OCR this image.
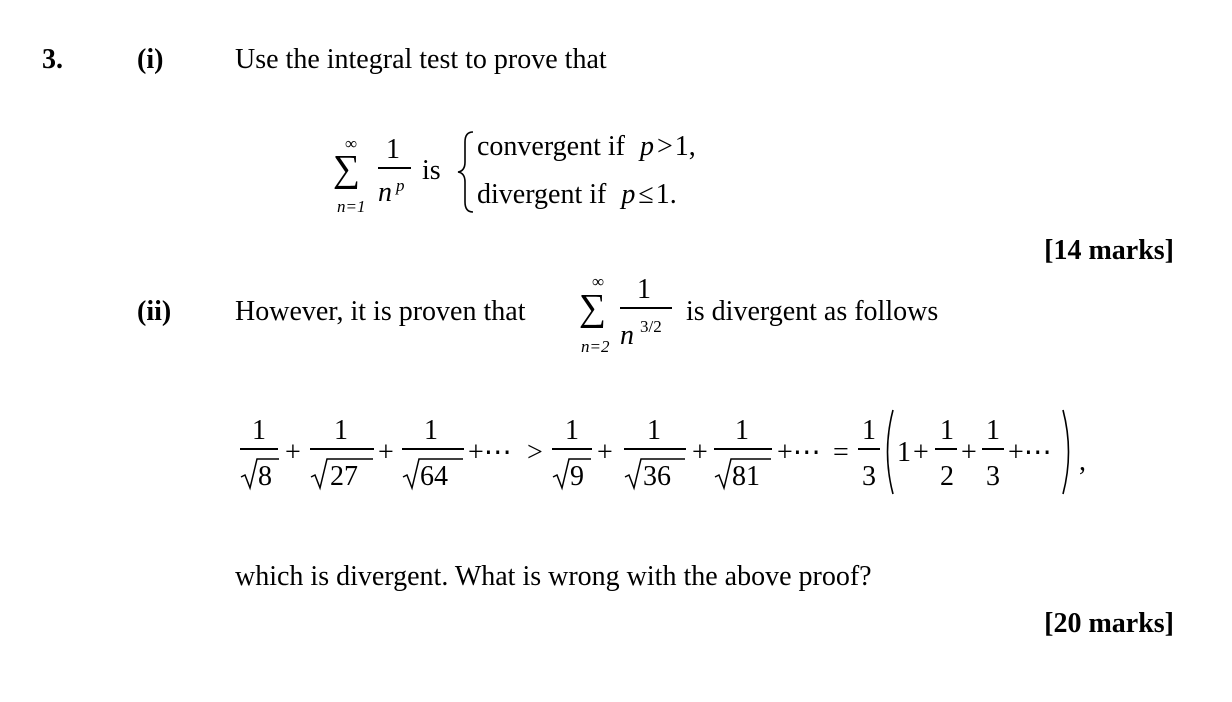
3.	(i)	Use the integral test to prove that
∞
∑
n=1
1
n p is
convergent if p >1,
divergent if p ≤1.
[14 marks]
(ii) However, it is proven that
∞
∑
n=2
1
n 3/2 is divergent as follows
1
8
+
1
27
+
1
64
+⋯ >
1
9
+
1
36
+
1
81
+⋯ =
1
3
1 +
1
2
+
1
3
+⋯ ,
which is divergent. What is wrong with the above proof?
[20 marks]
